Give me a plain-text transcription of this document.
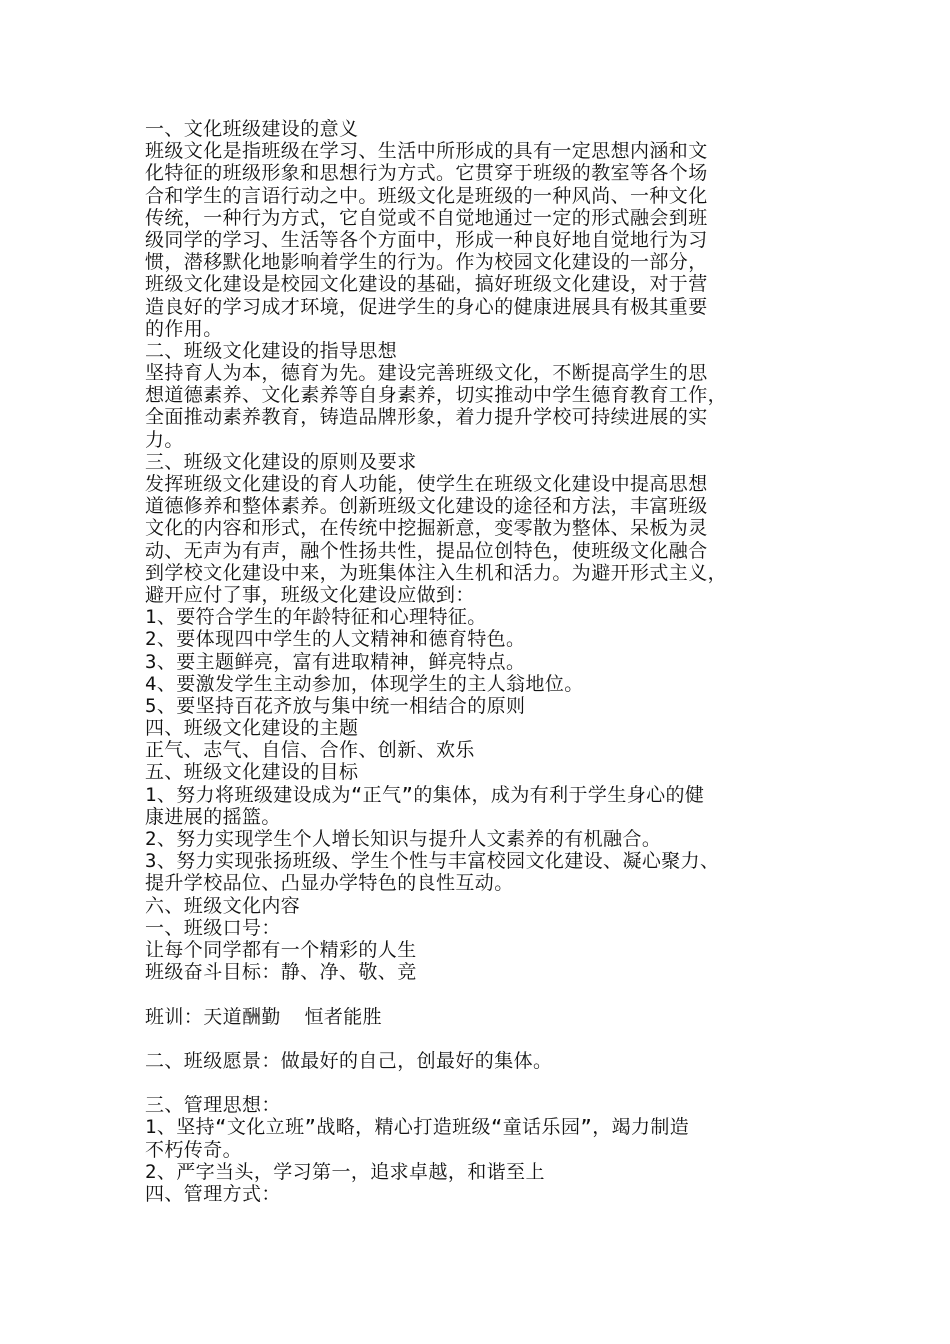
一、文化班级建设的意义
班级文化是指班级在学习、生活中所形成的具有一定思想内涵和文
化特征的班级形象和思想行为方式。它贯穿于班级的教室等各个场
合和学生的言语行动之中。班级文化是班级的一种风尚、一种文化
传统，一种行为方式，它自觉或不自觉地通过一定的形式融会到班
级同学的学习、生活等各个方面中，形成一种良好地自觉地行为习
惯，潜移默化地影响着学生的行为。作为校园文化建设的一部分，
班级文化建设是校园文化建设的基础，搞好班级文化建设，对于营
造良好的学习成才环境，促进学生的身心的健康进展具有极其重要
的作用。
二、班级文化建设的指导思想
坚持育人为本，德育为先。建设完善班级文化，不断提高学生的思
想道德素养、文化素养等自身素养，切实推动中学生德育教育工作，
全面推动素养教育，铸造品牌形象，着力提升学校可持续进展的实
力。
三、班级文化建设的原则及要求
发挥班级文化建设的育人功能，使学生在班级文化建设中提高思想
道德修养和整体素养。创新班级文化建设的途径和方法，丰富班级
文化的内容和形式，在传统中挖掘新意，变零散为整体、呆板为灵
动、无声为有声，融个性扬共性，提品位创特色，使班级文化融合
到学校文化建设中来，为班集体注入生机和活力。为避开形式主义，
避开应付了事，班级文化建设应做到：
1、要符合学生的年龄特征和心理特征。
2、要体现四中学生的人文精神和德育特色。
3、要主题鲜亮，富有进取精神，鲜亮特点。
4、要激发学生主动参加，体现学生的主人翁地位。
5、要坚持百花齐放与集中统一相结合的原则
四、班级文化建设的主题
正气、志气、自信、合作、创新、欢乐
五、班级文化建设的目标
1、努力将班级建设成为“正气”的集体，成为有利于学生身心的健
康进展的摇篮。
2、努力实现学生个人增长知识与提升人文素养的有机融合。
3、努力实现张扬班级、学生个性与丰富校园文化建设、凝心聚力、
提升学校品位、凸显办学特色的良性互动。
六、班级文化内容
一、班级口号：
让每个同学都有一个精彩的人生
班级奋斗目标：静、净、敬、竞
班训：天道酬勤  恒者能胜
二、班级愿景：做最好的自己，创最好的集体。
三、管理思想：
1、坚持“文化立班”战略，精心打造班级“童话乐园”，竭力制造
不朽传奇。
2、严字当头，学习第一，追求卓越，和谐至上
四、管理方式：
